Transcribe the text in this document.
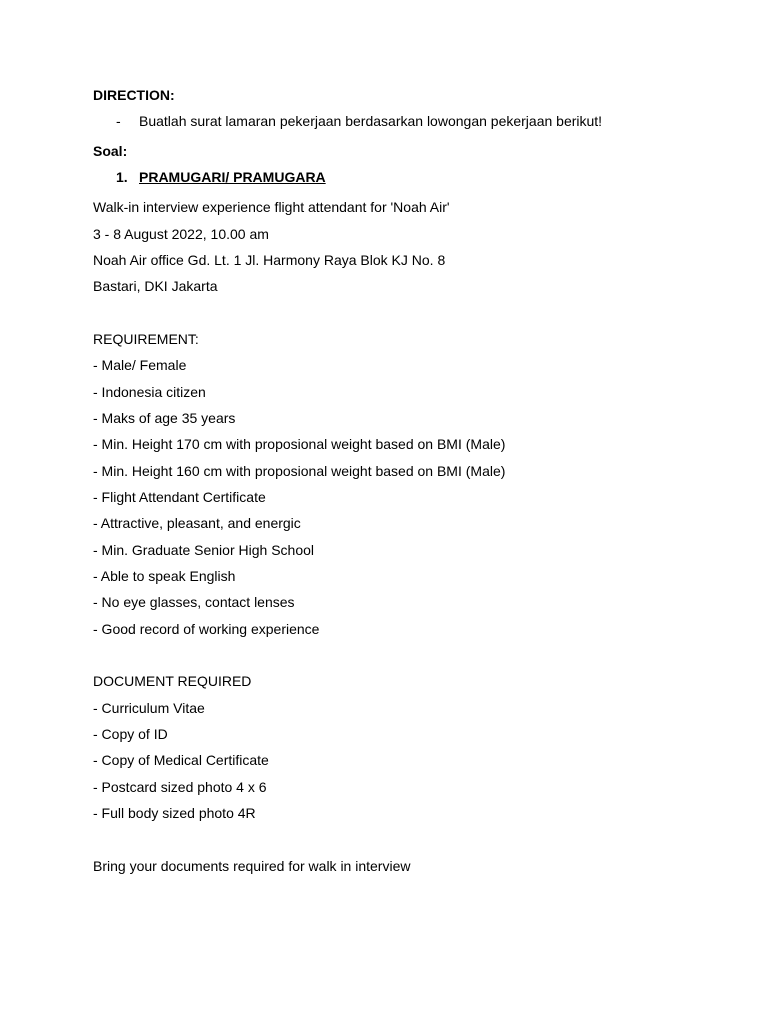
DIRECTION:
- Buatlah surat lamaran pekerjaan berdasarkan lowongan pekerjaan berikut!
Soal:
1. PRAMUGARI/ PRAMUGARA
Walk-in interview experience flight attendant for 'Noah Air'
3 - 8 August 2022, 10.00 am
Noah Air office Gd. Lt. 1 Jl. Harmony Raya Blok KJ No. 8
Bastari, DKI Jakarta
REQUIREMENT:
- Male/ Female
- Indonesia citizen
- Maks of age 35 years
- Min. Height 170 cm with proposional weight based on BMI (Male)
- Min. Height 160 cm with proposional weight based on BMI (Male)
- Flight Attendant Certificate
- Attractive, pleasant, and energic
- Min. Graduate Senior High School
- Able to speak English
- No eye glasses, contact lenses
- Good record of working experience
DOCUMENT REQUIRED
- Curriculum Vitae
- Copy of ID
- Copy of Medical Certificate
- Postcard sized photo 4 x 6
- Full body sized photo 4R
Bring your documents required for walk in interview
